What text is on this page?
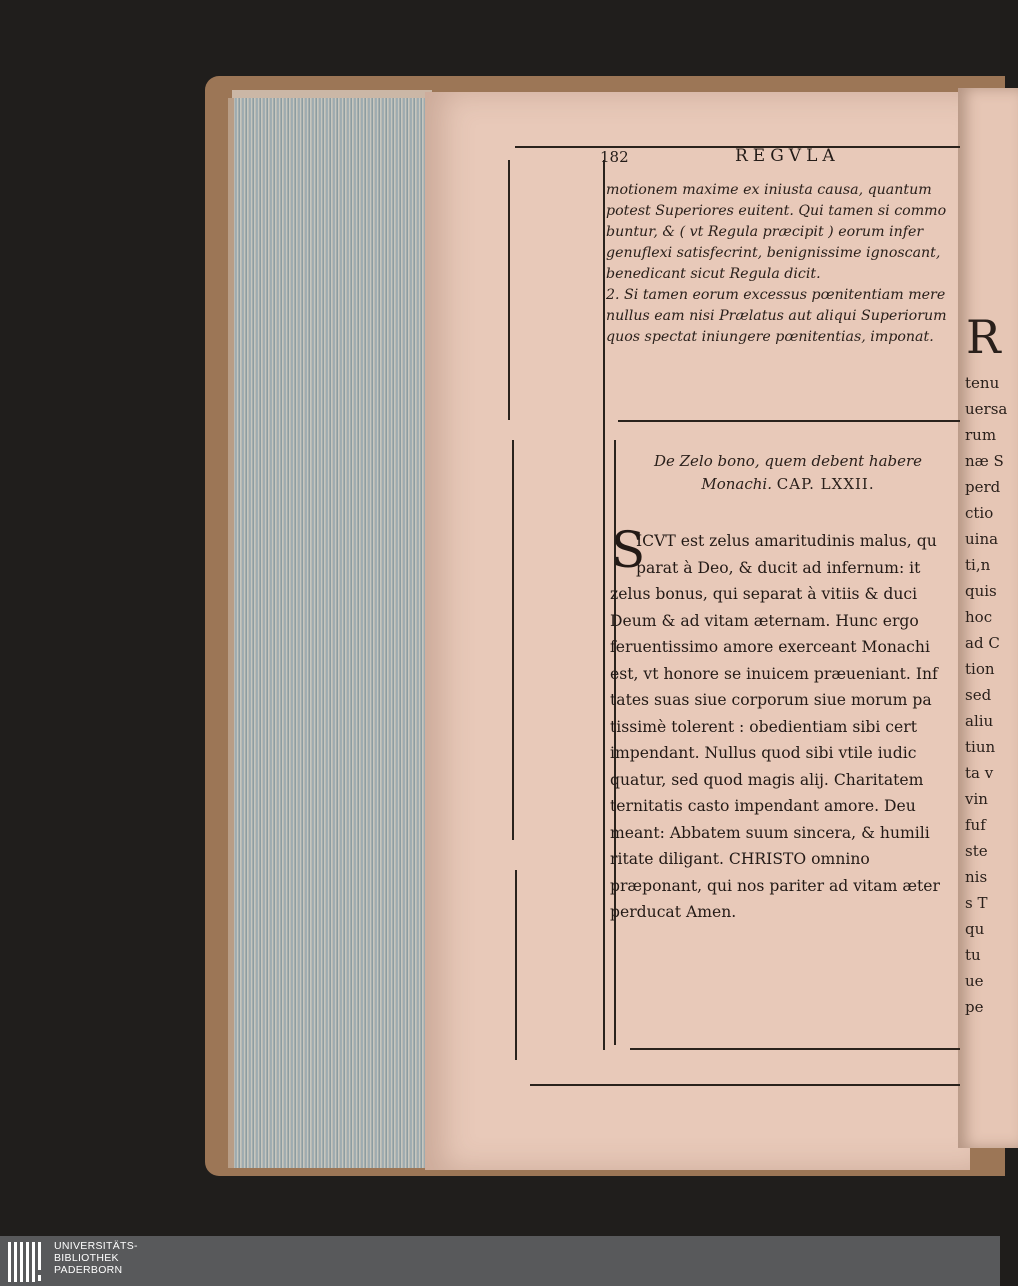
182	REGVLA

motionem maxime ex iniusta causa, quantum

potest Superiores euitent. Qui tamen si commo

buntur, & ( vt Regula præcipit ) eorum infer

genuflexi satisfecrint, benignissime ignoscant,

benedicant sicut Regula dicit.

2. Si tamen eorum excessus pœnitentiam mere

nullus eam nisi Prælatus aut aliqui Superiorum

quos spectat iniungere pœnitentias, imponat.

De Zelo bono, quem debent habere
Monachi. CAP. LXXII.
S

ICVT est zelus amaritudinis malus, qu

parat à Deo, & ducit ad infernum: it

zelus bonus, qui separat à vitiis & duci

Deum & ad vitam æternam. Hunc ergo

feruentissimo amore exerceant Monachi

est, vt honore se inuicem præueniant. Inf

tates suas siue corporum siue morum pa

tissimè tolerent : obedientiam sibi cert

impendant. Nullus quod sibi vtile iudic

quatur, sed quod magis alij. Charitatem

ternitatis casto impendant amore. Deu

meant: Abbatem suum sincera, & humili

ritate diligant. CHRISTO omnino

præponant, qui nos pariter ad vitam æter

perducat Amen.

R
tenu
uersa
rum
næ S
perd
ctio
uina
ti,n
quis
hoc
ad C
tion
sed
aliu
tiun
ta v
vin
fuf
ste
nis
s T
qu
tu
ue
pe
UNIVERSITÄTS-
BIBLIOTHEK
PADERBORN
